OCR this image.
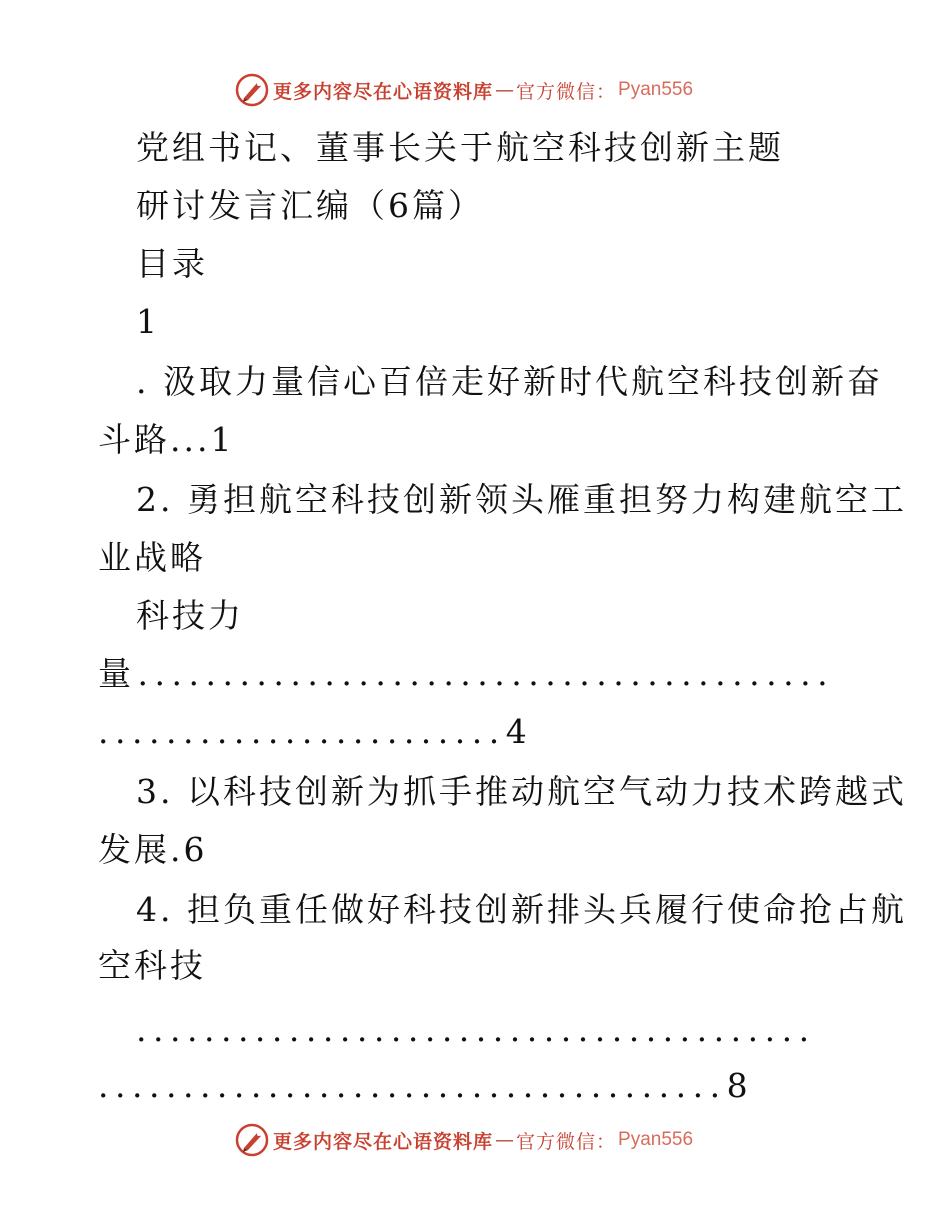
更多内容尽在心语资料库 — 官方微信： Pyan556
党组书记、董事长关于航空科技创新主题
研讨发言汇编（6篇）
目录
1
. 汲取力量信心百倍走好新时代航空科技创新奋
斗路...1
2. 勇担航空科技创新领头雁重担努力构建航空工
业战略
科技力
量.........................................
........................4
3. 以科技创新为抓手推动航空气动力技术跨越式
发展.6
4. 担负重任做好科技创新排头兵履行使命抢占航
空科技
........................................
.....................................8
更多内容尽在心语资料库 — 官方微信： Pyan556
